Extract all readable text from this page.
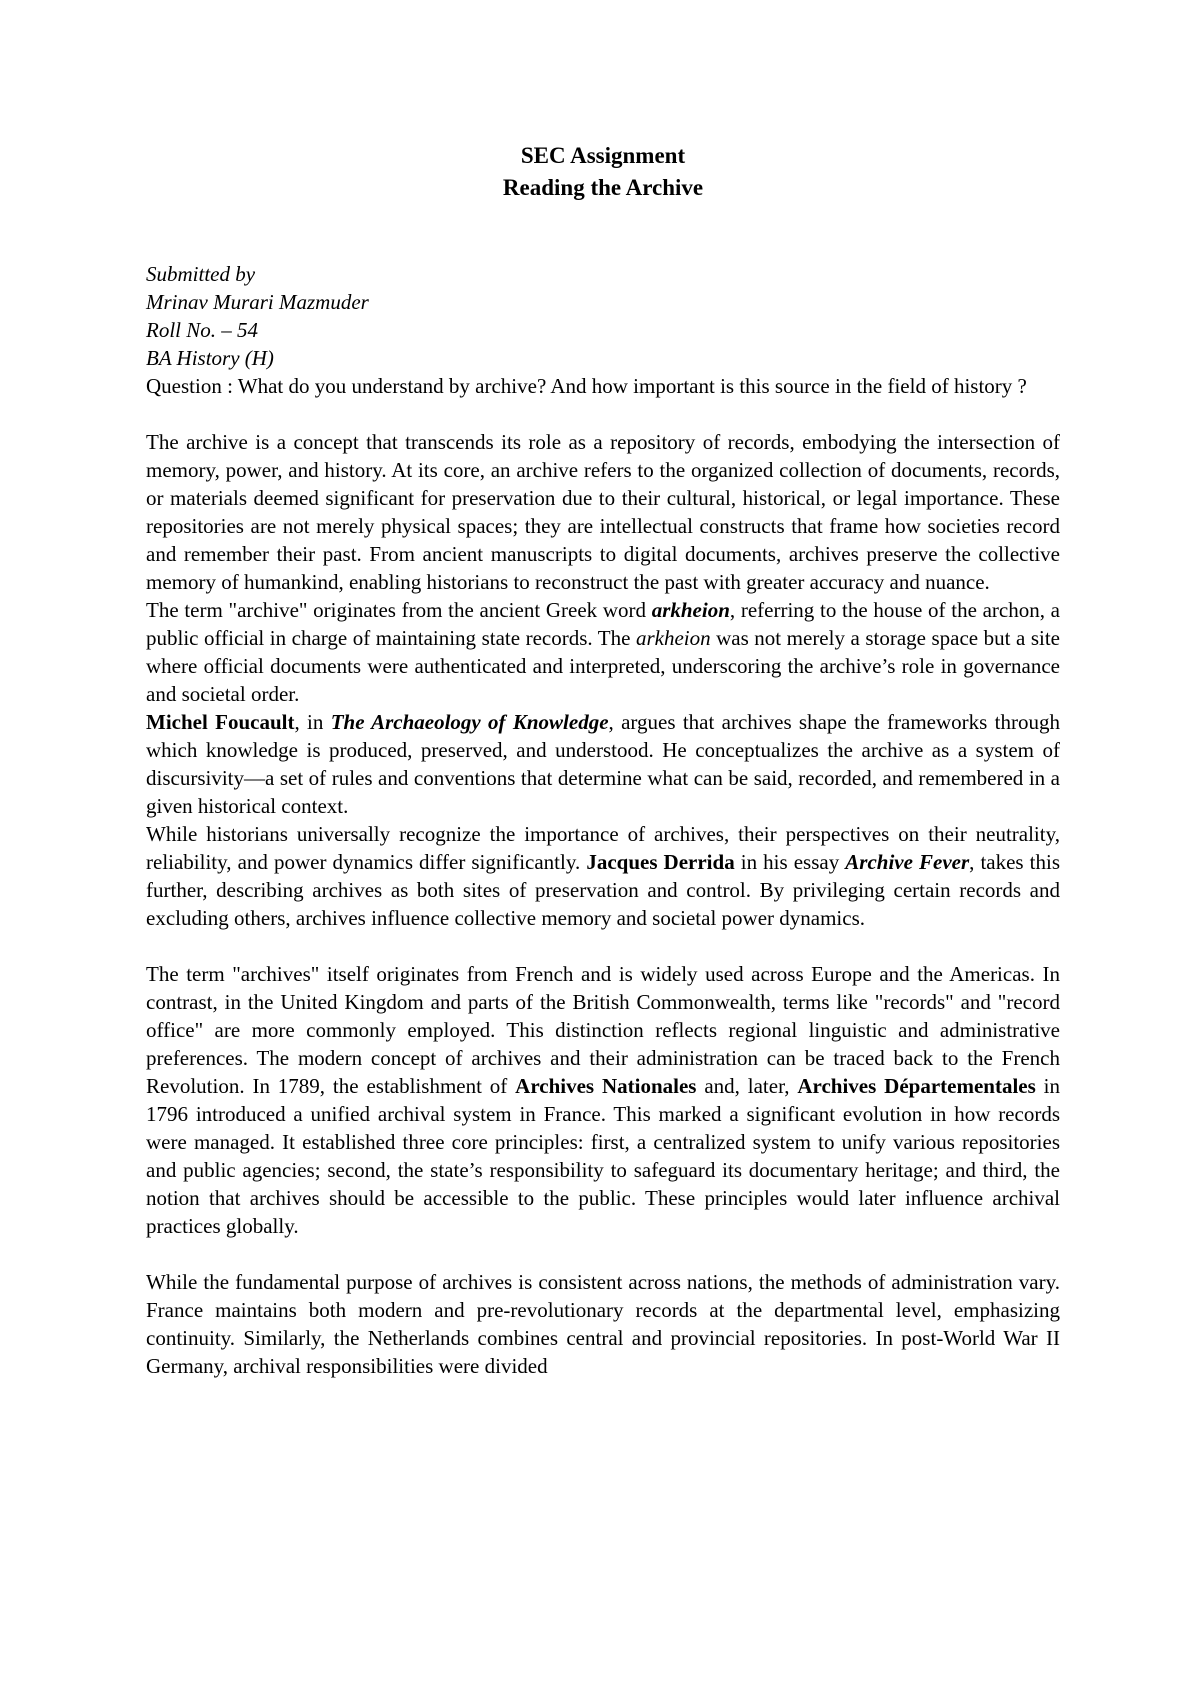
SEC Assignment
Reading the Archive
Submitted by
Mrinav Murari Mazmuder
Roll No. – 54
BA History (H)

Question : What do you understand by archive? And how important is this source in the field of history ?

The archive is a concept that transcends its role as a repository of records, embodying the intersection of memory, power, and history. At its core, an archive refers to the organized collection of documents, records, or materials deemed significant for preservation due to their cultural, historical, or legal importance. These repositories are not merely physical spaces; they are intellectual constructs that frame how societies record and remember their past. From ancient manuscripts to digital documents, archives preserve the collective memory of humankind, enabling historians to reconstruct the past with greater accuracy and nuance.

The term "archive" originates from the ancient Greek word arkheion, referring to the house of the archon, a public official in charge of maintaining state records. The arkheion was not merely a storage space but a site where official documents were authenticated and interpreted, underscoring the archive’s role in governance and societal order.

Michel Foucault, in The Archaeology of Knowledge, argues that archives shape the frameworks through which knowledge is produced, preserved, and understood. He conceptualizes the archive as a system of discursivity—a set of rules and conventions that determine what can be said, recorded, and remembered in a given historical context.

While historians universally recognize the importance of archives, their perspectives on their neutrality, reliability, and power dynamics differ significantly. Jacques Derrida in his essay Archive Fever, takes this further, describing archives as both sites of preservation and control. By privileging certain records and excluding others, archives influence collective memory and societal power dynamics.

The term "archives" itself originates from French and is widely used across Europe and the Americas. In contrast, in the United Kingdom and parts of the British Commonwealth, terms like "records" and "record office" are more commonly employed. This distinction reflects regional linguistic and administrative preferences. The modern concept of archives and their administration can be traced back to the French Revolution. In 1789, the establishment of Archives Nationales and, later, Archives Départementales in 1796 introduced a unified archival system in France. This marked a significant evolution in how records were managed. It established three core principles: first, a centralized system to unify various repositories and public agencies; second, the state’s responsibility to safeguard its documentary heritage; and third, the notion that archives should be accessible to the public. These principles would later influence archival practices globally.

While the fundamental purpose of archives is consistent across nations, the methods of administration vary. France maintains both modern and pre-revolutionary records at the departmental level, emphasizing continuity. Similarly, the Netherlands combines central and provincial repositories. In post-World War II Germany, archival responsibilities were divided
